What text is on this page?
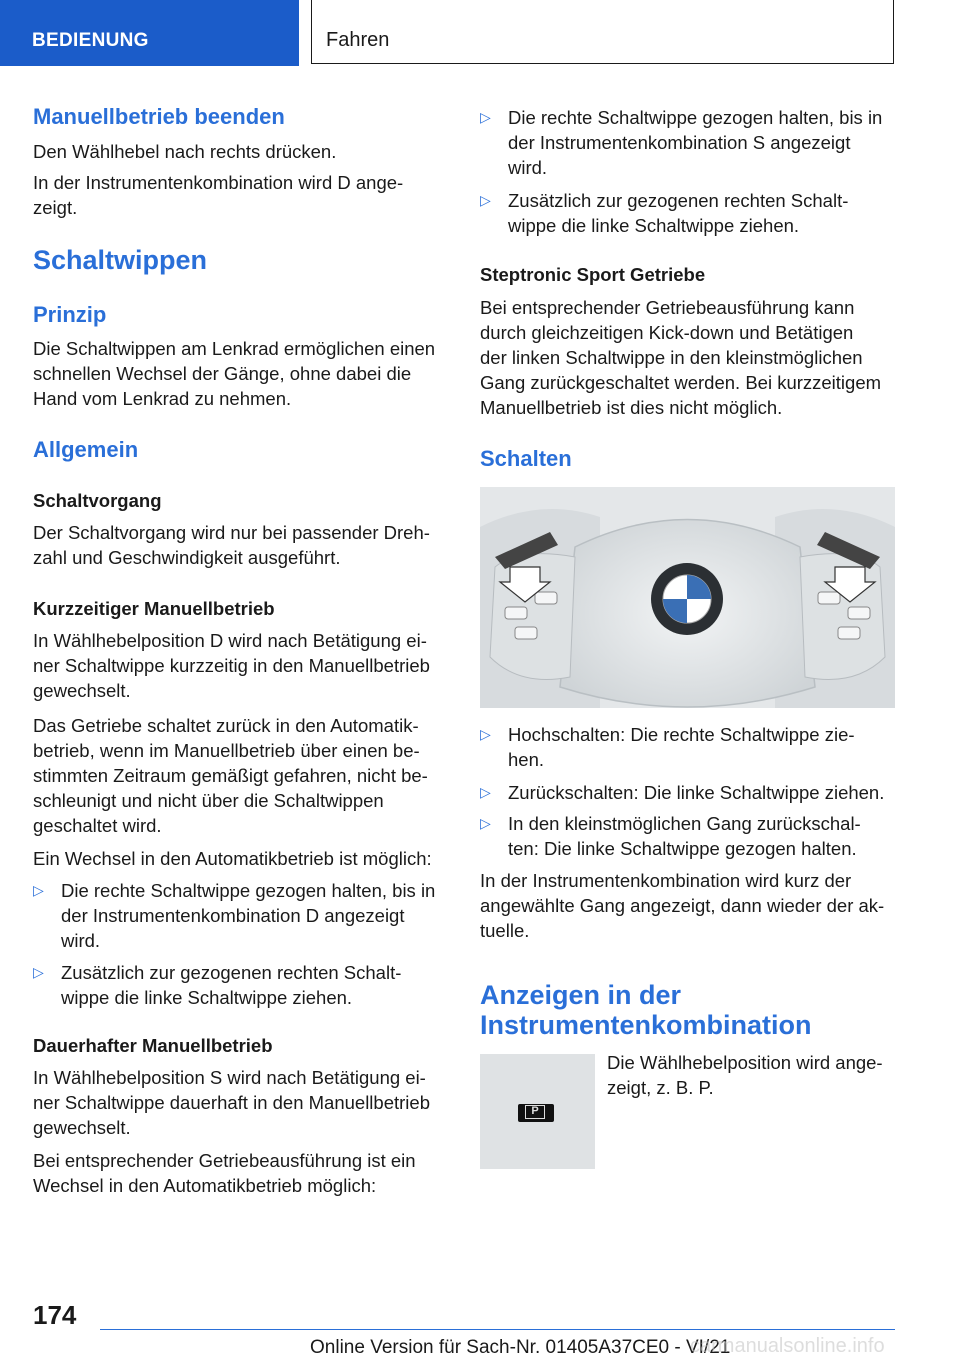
BEDIENUNG	Fahren
Manuellbetrieb beenden
Den Wählhebel nach rechts drücken.
In der Instrumentenkombination wird D ange-
zeigt.
Schaltwippen
Prinzip
Die Schaltwippen am Lenkrad ermöglichen einen
schnellen Wechsel der Gänge, ohne dabei die
Hand vom Lenkrad zu nehmen.
Allgemein
Schaltvorgang
Der Schaltvorgang wird nur bei passender Dreh-
zahl und Geschwindigkeit ausgeführt.
Kurzzeitiger Manuellbetrieb
In Wählhebelposition D wird nach Betätigung ei-
ner Schaltwippe kurzzeitig in den Manuellbetrieb
gewechselt.
Das Getriebe schaltet zurück in den Automatik-
betrieb, wenn im Manuellbetrieb über einen be-
stimmten Zeitraum gemäßigt gefahren, nicht be-
schleunigt und nicht über die Schaltwippen
geschaltet wird.
Ein Wechsel in den Automatikbetrieb ist möglich:
▷ Die rechte Schaltwippe gezogen halten, bis in
der Instrumentenkombination D angezeigt
wird.
▷ Zusätzlich zur gezogenen rechten Schalt-
wippe die linke Schaltwippe ziehen.
Dauerhafter Manuellbetrieb
In Wählhebelposition S wird nach Betätigung ei-
ner Schaltwippe dauerhaft in den Manuellbetrieb
gewechselt.
Bei entsprechender Getriebeausführung ist ein
Wechsel in den Automatikbetrieb möglich:
▷ Die rechte Schaltwippe gezogen halten, bis in
der Instrumentenkombination S angezeigt
wird.
▷ Zusätzlich zur gezogenen rechten Schalt-
wippe die linke Schaltwippe ziehen.
Steptronic Sport Getriebe
Bei entsprechender Getriebeausführung kann
durch gleichzeitigen Kick-down und Betätigen
der linken Schaltwippe in den kleinstmöglichen
Gang zurückgeschaltet werden. Bei kurzzeitigem
Manuellbetrieb ist dies nicht möglich.
Schalten
▷ Hochschalten: Die rechte Schaltwippe zie-
hen.
▷ Zurückschalten: Die linke Schaltwippe ziehen.
▷ In den kleinstmöglichen Gang zurückschal-
ten: Die linke Schaltwippe gezogen halten.
In der Instrumentenkombination wird kurz der
angewählte Gang angezeigt, dann wieder der ak-
tuelle.
Anzeigen in der
Instrumentenkombination
P
Die Wählhebelposition wird ange-
zeigt, z. B. P.
174
Online Version für Sach-Nr. 01405A37CE0 - VI/21
carmanualsonline.info
